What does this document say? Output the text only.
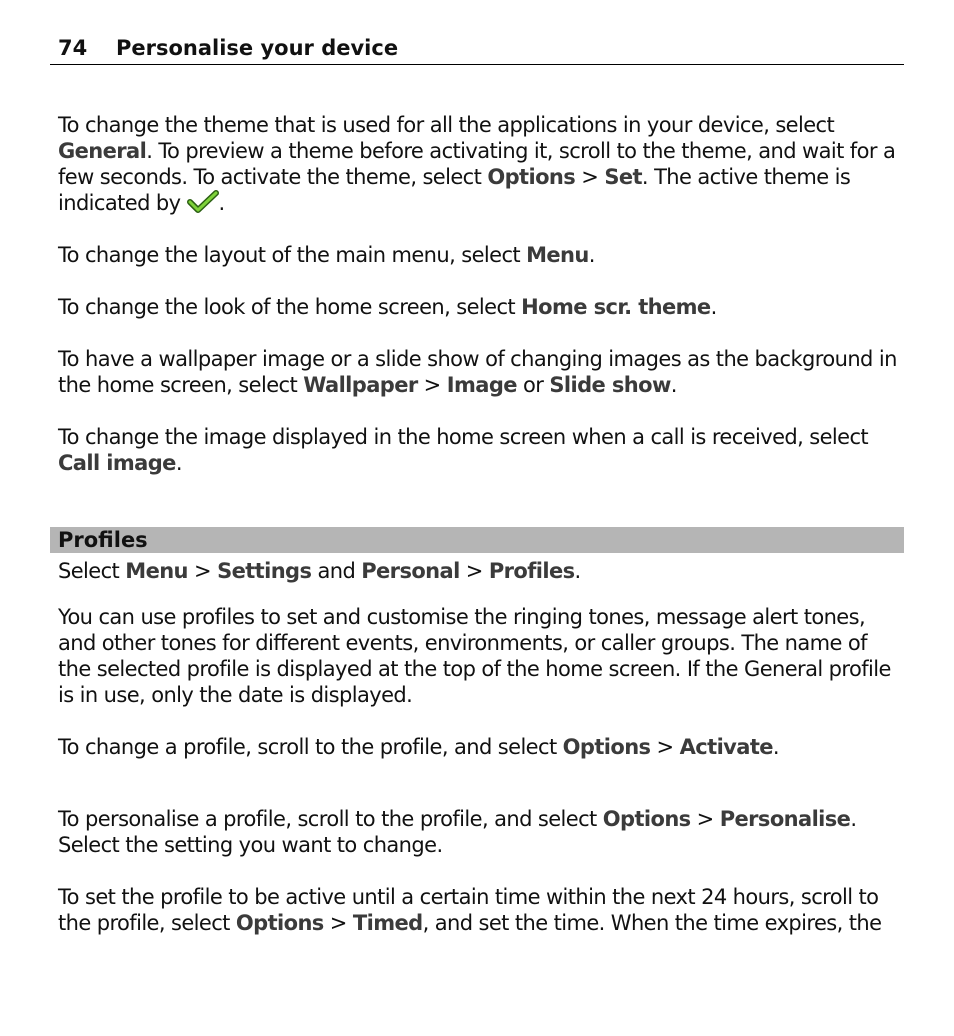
74 Personalise your device

To change the theme that is used for all the applications in your device, select General. To preview a theme before activating it, scroll to the theme, and wait for a few seconds. To activate the theme, select Options > Set. The active theme is indicated by .

To change the layout of the main menu, select Menu.

To change the look of the home screen, select Home scr. theme.

To have a wallpaper image or a slide show of changing images as the background in the home screen, select Wallpaper > Image or Slide show.

To change the image displayed in the home screen when a call is received, select Call image.

Profiles

Select Menu > Settings and Personal > Profiles.

You can use profiles to set and customise the ringing tones, message alert tones, and other tones for different events, environments, or caller groups. The name of the selected profile is displayed at the top of the home screen. If the General profile is in use, only the date is displayed.

To change a profile, scroll to the profile, and select Options > Activate.

To personalise a profile, scroll to the profile, and select Options > Personalise. Select the setting you want to change.

To set the profile to be active until a certain time within the next 24 hours, scroll to the profile, select Options > Timed, and set the time. When the time expires, the
